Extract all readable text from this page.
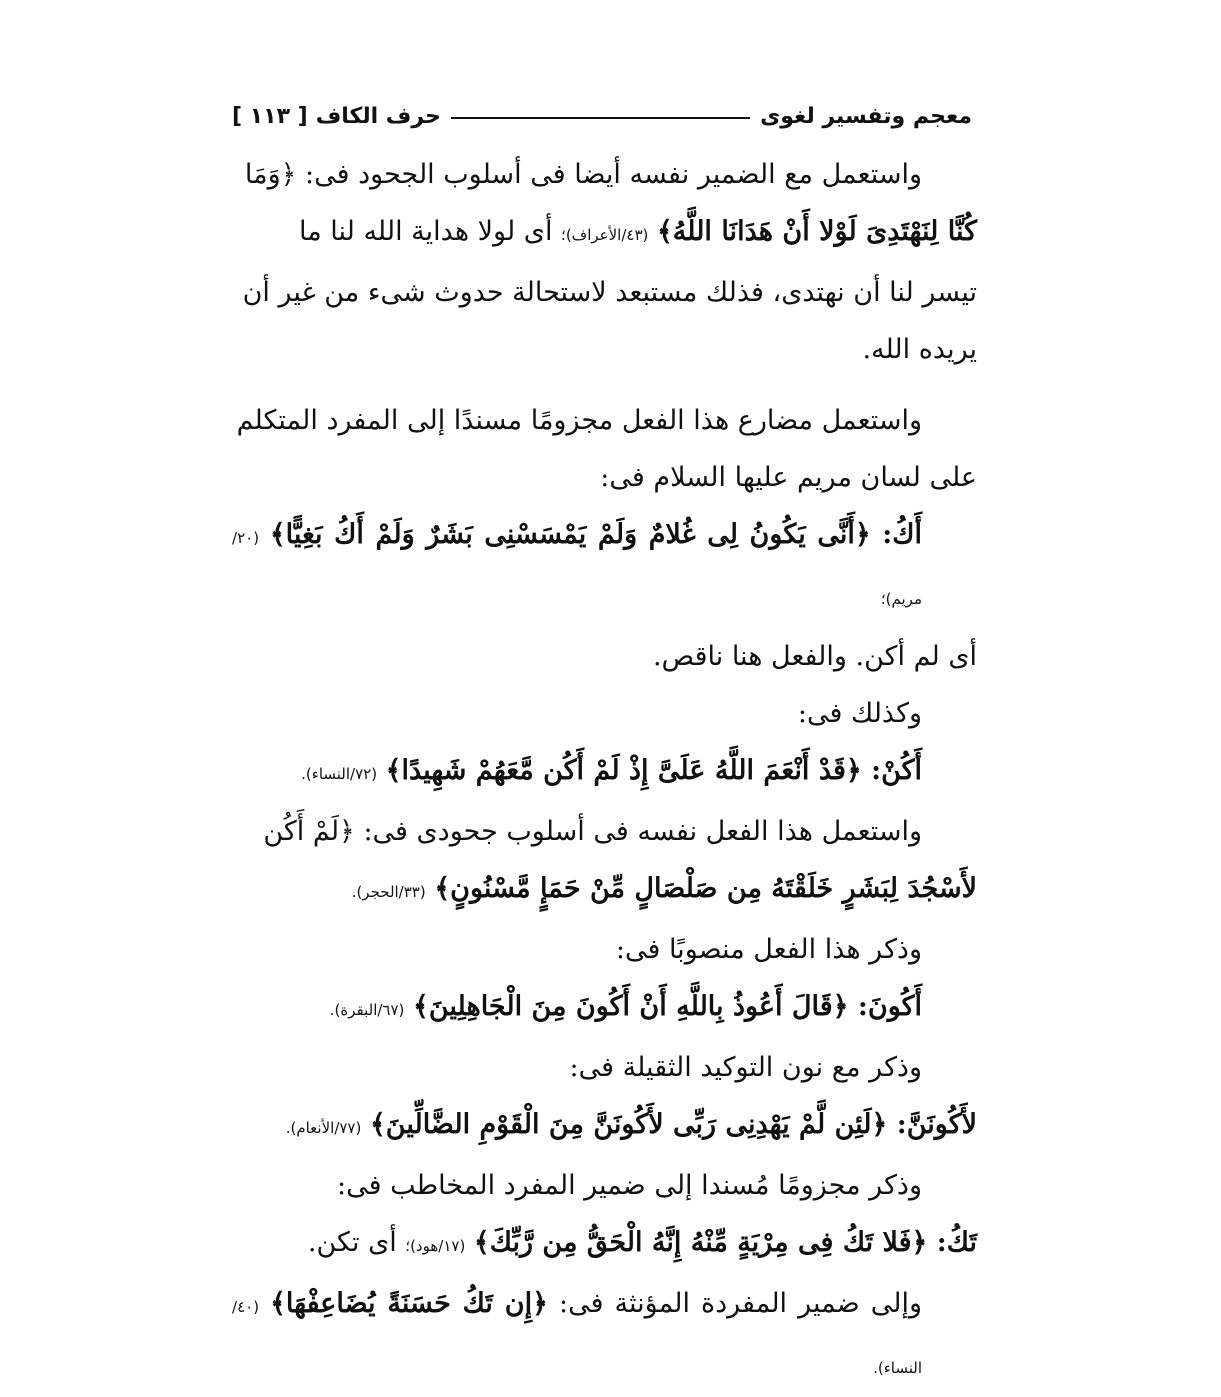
معجم وتفسير لغوى
حرف الكاف
[ ١١٣ ]

واستعمل مع الضمير نفسه أيضا فى أسلوب الجحود فى: ﴿وَمَا

كُنَّا لِنَهْتَدِىَ لَوْلا أَنْ هَدَانَا اللَّهُ﴾ (٤٣/الأعراف)؛ أى لولا هداية الله لنا ما

تيسر لنا أن نهتدى، فذلك مستبعد لاستحالة حدوث شىء من غير أن

يريده الله.

واستعمل مضارع هذا الفعل مجزومًا مسندًا إلى المفرد المتكلم

على لسان مريم عليها السلام فى:

أَكُ: ﴿أَنَّى يَكُونُ لِى غُلامٌ وَلَمْ يَمْسَسْنِى بَشَرٌ وَلَمْ أَكُ بَغِيًّا﴾ (٢٠/مريم)؛

أى لم أكن. والفعل هنا ناقص.

وكذلك فى:

أَكُنْ: ﴿قَدْ أَنْعَمَ اللَّهُ عَلَىَّ إِذْ لَمْ أَكُن مَّعَهُمْ شَهِيدًا﴾ (٧٢/النساء).

واستعمل هذا الفعل نفسه فى أسلوب جحودى فى: ﴿لَمْ أَكُن

لأَسْجُدَ لِبَشَرٍ خَلَقْتَهُ مِن صَلْصَالٍ مِّنْ حَمَإٍ مَّسْنُونٍ﴾ (٣٣/الحجر).

وذكر هذا الفعل منصوبًا فى:

أَكُونَ: ﴿قَالَ أَعُوذُ بِاللَّهِ أَنْ أَكُونَ مِنَ الْجَاهِلِينَ﴾ (٦٧/البقرة).

وذكر مع نون التوكيد الثقيلة فى:

لأَكُونَنَّ: ﴿لَئِن لَّمْ يَهْدِنِى رَبِّى لأَكُونَنَّ مِنَ الْقَوْمِ الضَّالِّينَ﴾ (٧٧/الأنعام).

وذكر مجزومًا مُسندا إلى ضمير المفرد المخاطب فى:

تَكُ: ﴿فَلا تَكُ فِى مِرْيَةٍ مِّنْهُ إِنَّهُ الْحَقُّ مِن رَّبِّكَ﴾ (١٧/هود)؛ أى تكن.

وإلى ضمير المفردة المؤنثة فى: ﴿إِن تَكُ حَسَنَةً يُضَاعِفْهَا﴾ (٤٠/النساء).
